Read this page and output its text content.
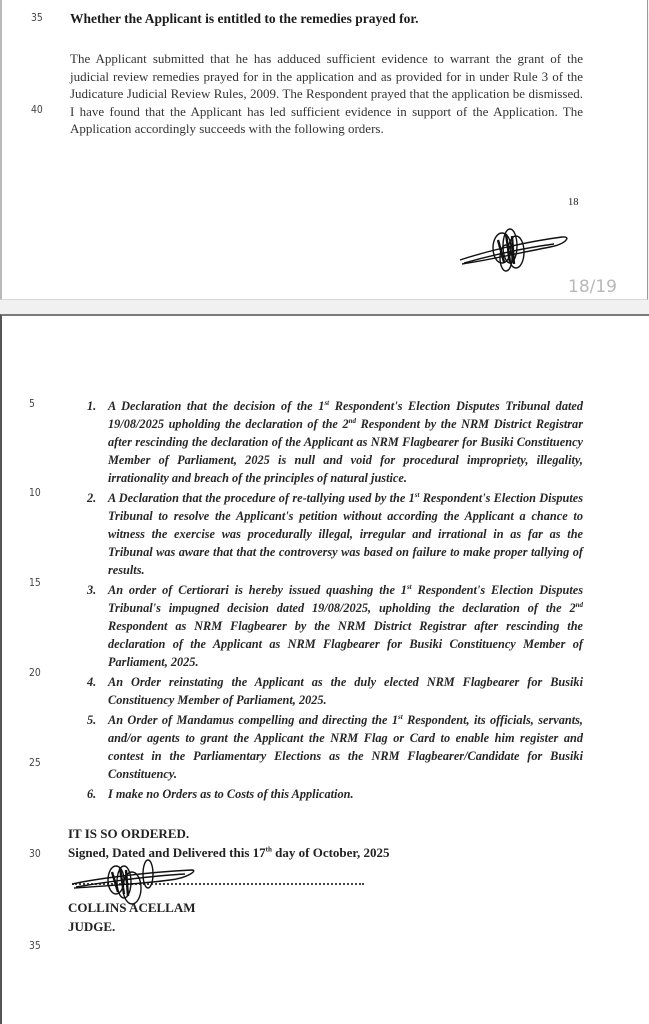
35	Whether the Applicant is entitled to the remedies prayed for.
40
The Applicant submitted that he has adduced sufficient evidence to warrant the grant of the judicial review remedies prayed for in the application and as provided for in under Rule 3 of the Judicature Judicial Review Rules, 2009. The Respondent prayed that the application be dismissed. I have found that the Applicant has led sufficient evidence in support of the Application. The Application accordingly succeeds with the following orders.
18
18/19
5
10
15
20
25
30
35
1. A Declaration that the decision of the 1st Respondent's Election Disputes Tribunal dated 19/08/2025 upholding the declaration of the 2nd Respondent by the NRM District Registrar after rescinding the declaration of the Applicant as NRM Flagbearer for Busiki Constituency Member of Parliament, 2025 is null and void for procedural impropriety, illegality, irrationality and breach of the principles of natural justice.
2. A Declaration that the procedure of re-tallying used by the 1st Respondent's Election Disputes Tribunal to resolve the Applicant's petition without according the Applicant a chance to witness the exercise was procedurally illegal, irregular and irrational in as far as the Tribunal was aware that that the controversy was based on failure to make proper tallying of results.
3. An order of Certiorari is hereby issued quashing the 1st Respondent's Election Disputes Tribunal's impugned decision dated 19/08/2025, upholding the declaration of the 2nd Respondent as NRM Flagbearer by the NRM District Registrar after rescinding the declaration of the Applicant as NRM Flagbearer for Busiki Constituency Member of Parliament, 2025.
4. An Order reinstating the Applicant as the duly elected NRM Flagbearer for Busiki Constituency Member of Parliament, 2025.
5. An Order of Mandamus compelling and directing the 1st Respondent, its officials, servants, and/or agents to grant the Applicant the NRM Flag or Card to enable him register and contest in the Parliamentary Elections as the NRM Flagbearer/Candidate for Busiki Constituency.
6. I make no Orders as to Costs of this Application.
IT IS SO ORDERED.
Signed, Dated and Delivered this 17th day of October, 2025
COLLINS ACELLAM
JUDGE.
